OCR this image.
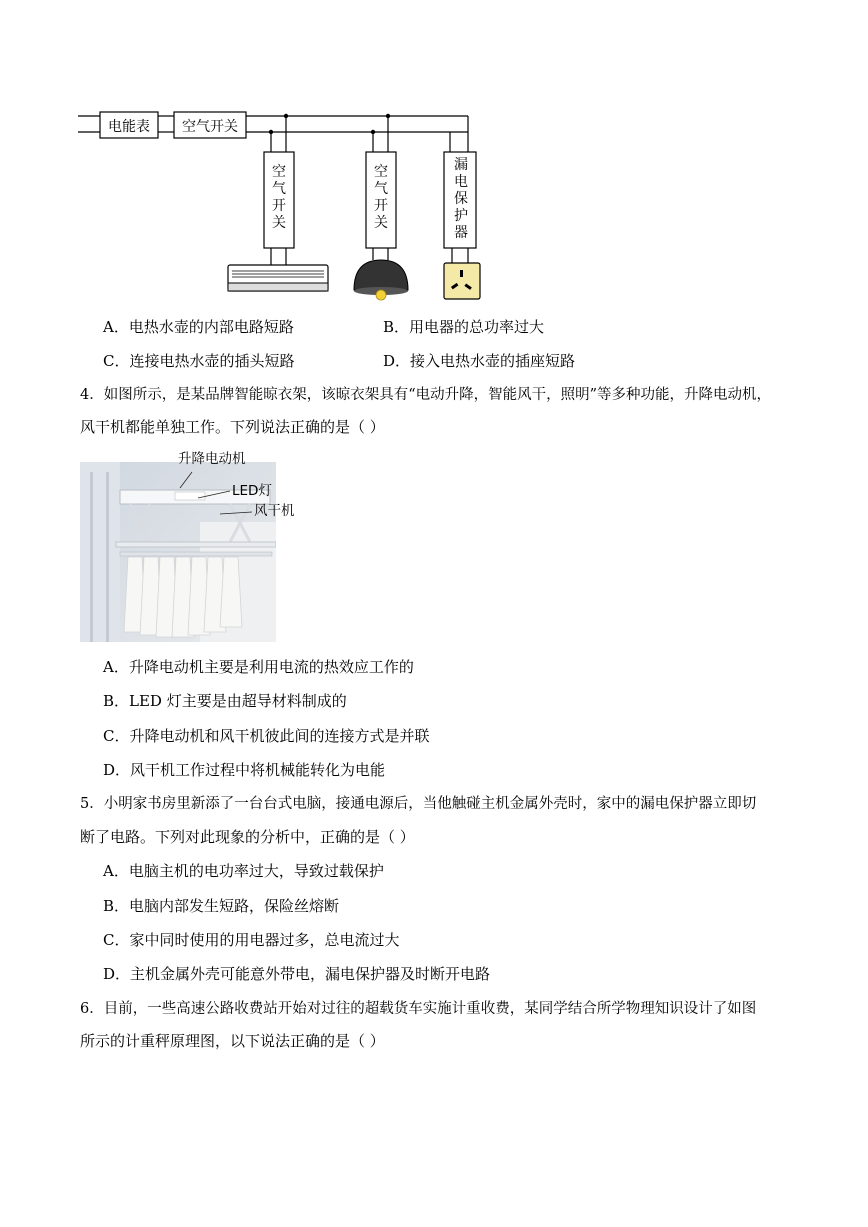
电能表 空气开关
空
气
开
关
空
气
开
关
漏
电
保
护
器
A．电热水壶的内部电路短路	B．用电器的总功率过大
C．连接电热水壶的插头短路	D．接入电热水壶的插座短路
4．如图所示，是某品牌智能晾衣架，该晾衣架具有“电动升降，智能风干，照明”等多种功能，升降电动机，
风干机都能单独工作。下列说法正确的是（ ）
升降电动机
LED灯
风干机
A．升降电动机主要是利用电流的热效应工作的
B．LED 灯主要是由超导材料制成的
C．升降电动机和风干机彼此间的连接方式是并联
D．风干机工作过程中将机械能转化为电能
5．小明家书房里新添了一台台式电脑，接通电源后，当他触碰主机金属外壳时，家中的漏电保护器立即切
断了电路。下列对此现象的分析中，正确的是（ ）
A．电脑主机的电功率过大，导致过载保护
B．电脑内部发生短路，保险丝熔断
C．家中同时使用的用电器过多，总电流过大
D．主机金属外壳可能意外带电，漏电保护器及时断开电路
6．目前，一些高速公路收费站开始对过往的超载货车实施计重收费，某同学结合所学物理知识设计了如图
所示的计重秤原理图，以下说法正确的是（ ）
